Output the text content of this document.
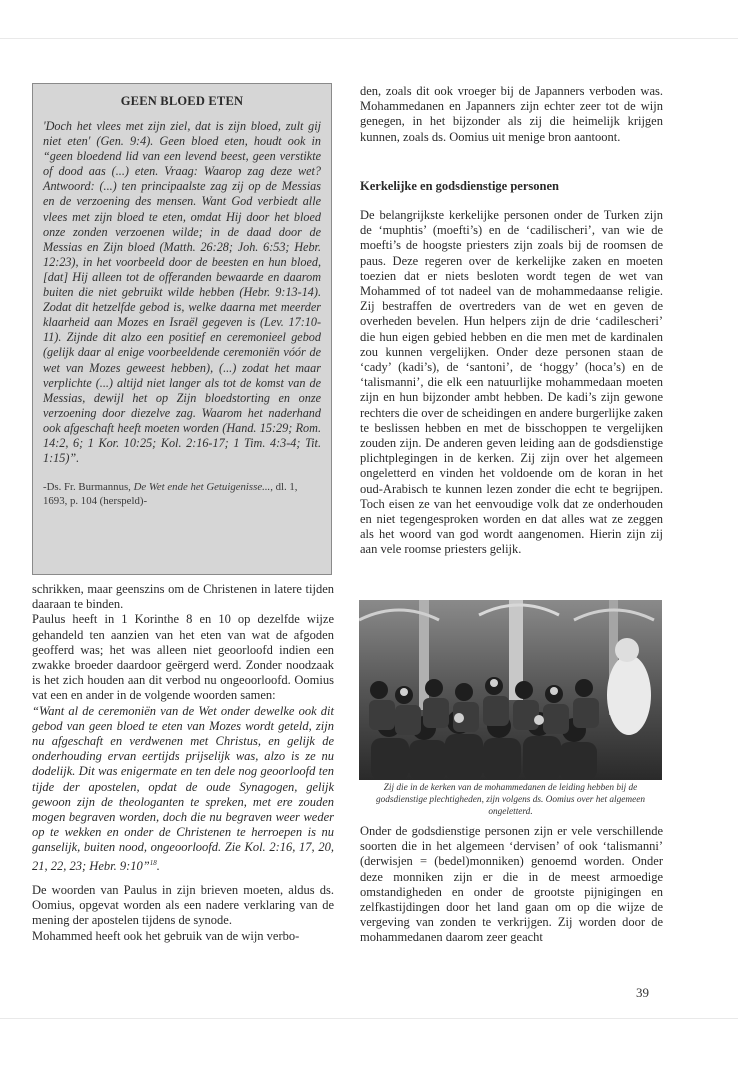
GEEN BLOED ETEN
'Doch het vlees met zijn ziel, dat is zijn bloed, zult gij niet eten' (Gen. 9:4). Geen bloed eten, houdt ook in “geen bloedend lid van een levend beest, geen verstikte of dood aas (...) eten. Vraag: Waarop zag deze wet? Antwoord: (...) ten principaalste zag zij op de Messias en de verzoening des mensen. Want God verbiedt alle vlees met zijn bloed te eten, omdat Hij door het bloed onze zonden verzoenen wilde; in de daad door de Messias en Zijn bloed (Matth. 26:28; Joh. 6:53; Hebr. 12:23), in het voorbeeld door de beesten en hun bloed, [dat] Hij alleen tot de offeranden bewaarde en daarom buiten die niet gebruikt wilde hebben (Hebr. 9:13-14). Zodat dit hetzelfde gebod is, welke daarna met meerder klaarheid aan Mozes en Israël gegeven is (Lev. 17:10-11). Zijnde dit alzo een positief en ceremonieel gebod (gelijk daar al enige voorbeeldende ceremoniën vóór de wet van Mozes geweest hebben), (...) zodat het maar verplichte (...) altijd niet langer als tot de komst van de Messias, dewijl het op Zijn bloedstorting en onze verzoening door diezelve zag. Waarom het naderhand ook afgeschaft heeft moeten worden (Hand. 15:29; Rom. 14:2, 6; 1 Kor. 10:25; Kol. 2:16-17; 1 Tim. 4:3-4; Tit. 1:15)”.
-Ds. Fr. Burmannus, De Wet ende het Getuigenisse..., dl. 1, 1693, p. 104 (herspeld)-

schrikken, maar geenszins om de Christenen in latere tijden daaraan te binden.

Paulus heeft in 1 Korinthe 8 en 10 op dezelfde wijze gehandeld ten aanzien van het eten van wat de afgoden geofferd was; het was alleen niet geoorloofd indien een zwakke broeder daardoor geërgerd werd. Zonder noodzaak is het zich houden aan dit verbod nu ongeoorloofd. Oomius vat een en ander in de volgende woorden samen:

“Want al de ceremoniën van de Wet onder dewelke ook dit gebod van geen bloed te eten van Mozes wordt geteld, zijn nu afgeschaft en verdwenen met Christus, en gelijk de onderhouding ervan eertijds prijselijk was, alzo is ze nu dodelijk. Dit was enigermate en ten dele nog geoorloofd ten tijde der apostelen, opdat de oude Synagogen, gelijk gewoon zijn de theologanten te spreken, met ere zouden mogen begraven worden, doch die nu begraven weer weder op te wekken en onder de Christenen te herroepen is nu ganselijk, buiten nood, ongeoorloofd. Zie Kol. 2:16, 17, 20, 21, 22, 23; Hebr. 9:10”$^{18}$.

De woorden van Paulus in zijn brieven moeten, aldus ds. Oomius, opgevat worden als een nadere verklaring van de mening der apostelen tijdens de synode.

Mohammed heeft ook het gebruik van de wijn verbo-

den, zoals dit ook vroeger bij de Japanners verboden was. Mohammedanen en Japanners zijn echter zeer tot de wijn genegen, in het bijzonder als zij die heimelijk krijgen kunnen, zoals ds. Oomius uit menige bron aantoont.

Kerkelijke en godsdienstige personen

De belangrijkste kerkelijke personen onder de Turken zijn de ‘muphtis’ (moefti’s) en de ‘cadilischeri’, van wie de moefti’s de hoogste priesters zijn zoals bij de roomsen de paus. Deze regeren over de kerkelijke zaken en moeten toezien dat er niets besloten wordt tegen de wet van Mohammed of tot nadeel van de mohammedaanse religie. Zij bestraffen de overtreders van de wet en geven de overheden bevelen. Hun helpers zijn de drie ‘cadilescheri’ die hun eigen gebied hebben en die men met de kardinalen zou kunnen vergelijken. Onder deze personen staan de ‘cady’ (kadi’s), de ‘santoni’, de ‘hoggy’ (hoca’s) en de ‘talismanni’, die elk een natuurlijke mohammedaan moeten zijn en hun bijzonder ambt hebben. De kadi’s zijn gewone rechters die over de scheidingen en andere burgerlijke zaken te beslissen hebben en met de bisschoppen te vergelijken zouden zijn. De anderen geven leiding aan de godsdienstige plichtplegingen in de kerken. Zij zijn over het algemeen ongeletterd en vinden het voldoende om de koran in het oud-Arabisch te kunnen lezen zonder die echt te begrijpen. Toch eisen ze van het eenvoudige volk dat ze onderhouden en niet tegengesproken worden en dat alles wat ze zeggen als het woord van god wordt aangenomen. Hierin zijn zij aan vele roomse priesters gelijk.

Zij die in de kerken van de mohammedanen de leiding hebben bij de godsdienstige plechtigheden, zijn volgens ds. Oomius over het algemeen ongeletterd.

Onder de godsdienstige personen zijn er vele verschillende soorten die in het algemeen ‘dervisen’ of ook ‘talismanni’ (derwisjen = (bedel)monniken) genoemd worden. Onder deze monniken zijn er die in de meest armoedige omstandigheden en onder de grootste pijnigingen en zelfkastijdingen door het land gaan om op die wijze de vergeving van zonden te verkrijgen. Zij worden door de mohammedanen daarom zeer geacht

39
